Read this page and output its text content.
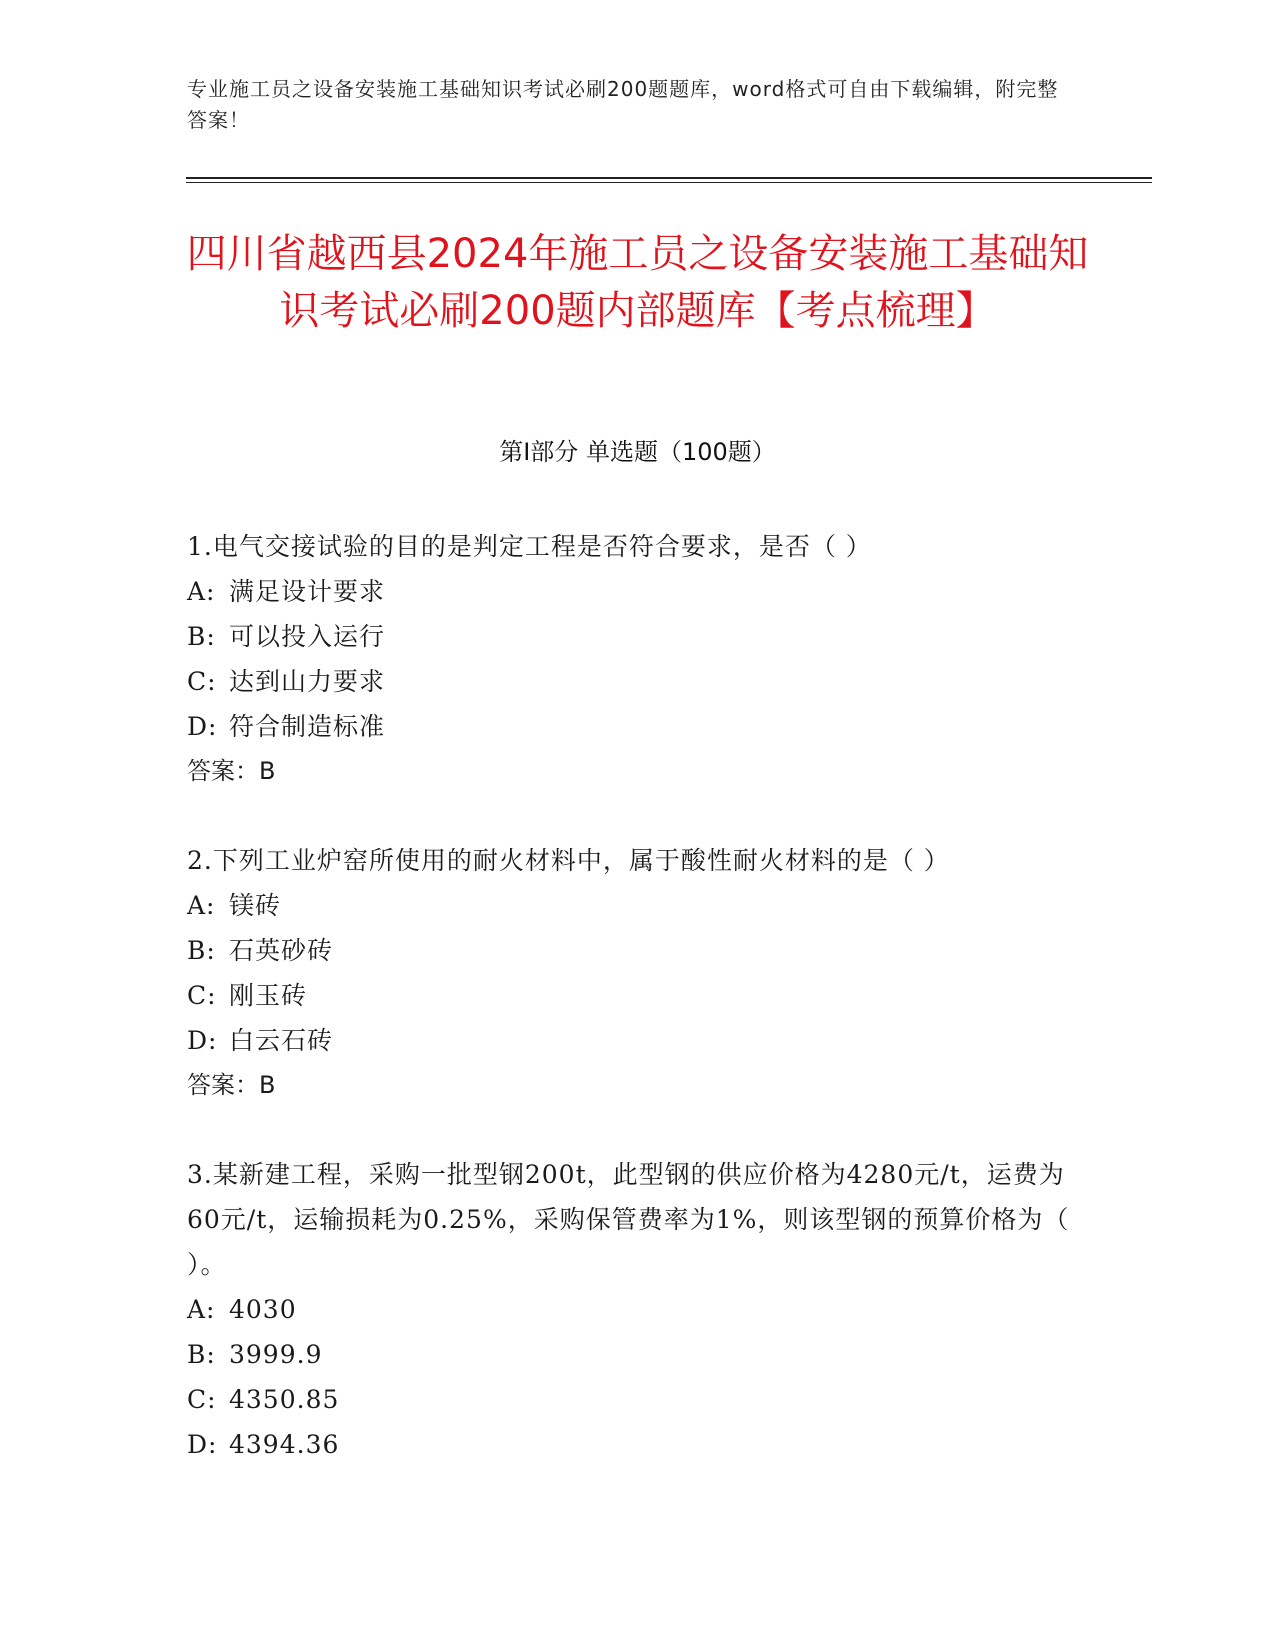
专业施工员之设备安装施工基础知识考试必刷200题题库，word格式可自由下载编辑，附完整答案！
四川省越西县2024年施工员之设备安装施工基础知识考试必刷200题内部题库【考点梳理】
第I部分 单选题（100题）
1.电气交接试验的目的是判定工程是否符合要求，是否（ ）
A: 满足设计要求
B: 可以投入运行
C: 达到山力要求
D: 符合制造标准
答案：B
2.下列工业炉窑所使用的耐火材料中，属于酸性耐火材料的是（ ）
A: 镁砖
B: 石英砂砖
C: 刚玉砖
D: 白云石砖
答案：B
3.某新建工程，采购一批型钢200t，此型钢的供应价格为4280元/t，运费为60元/t，运输损耗为0.25%，采购保管费率为1%，则该型钢的预算价格为（ ）。
A: 4030
B: 3999.9
C: 4350.85
D: 4394.36
